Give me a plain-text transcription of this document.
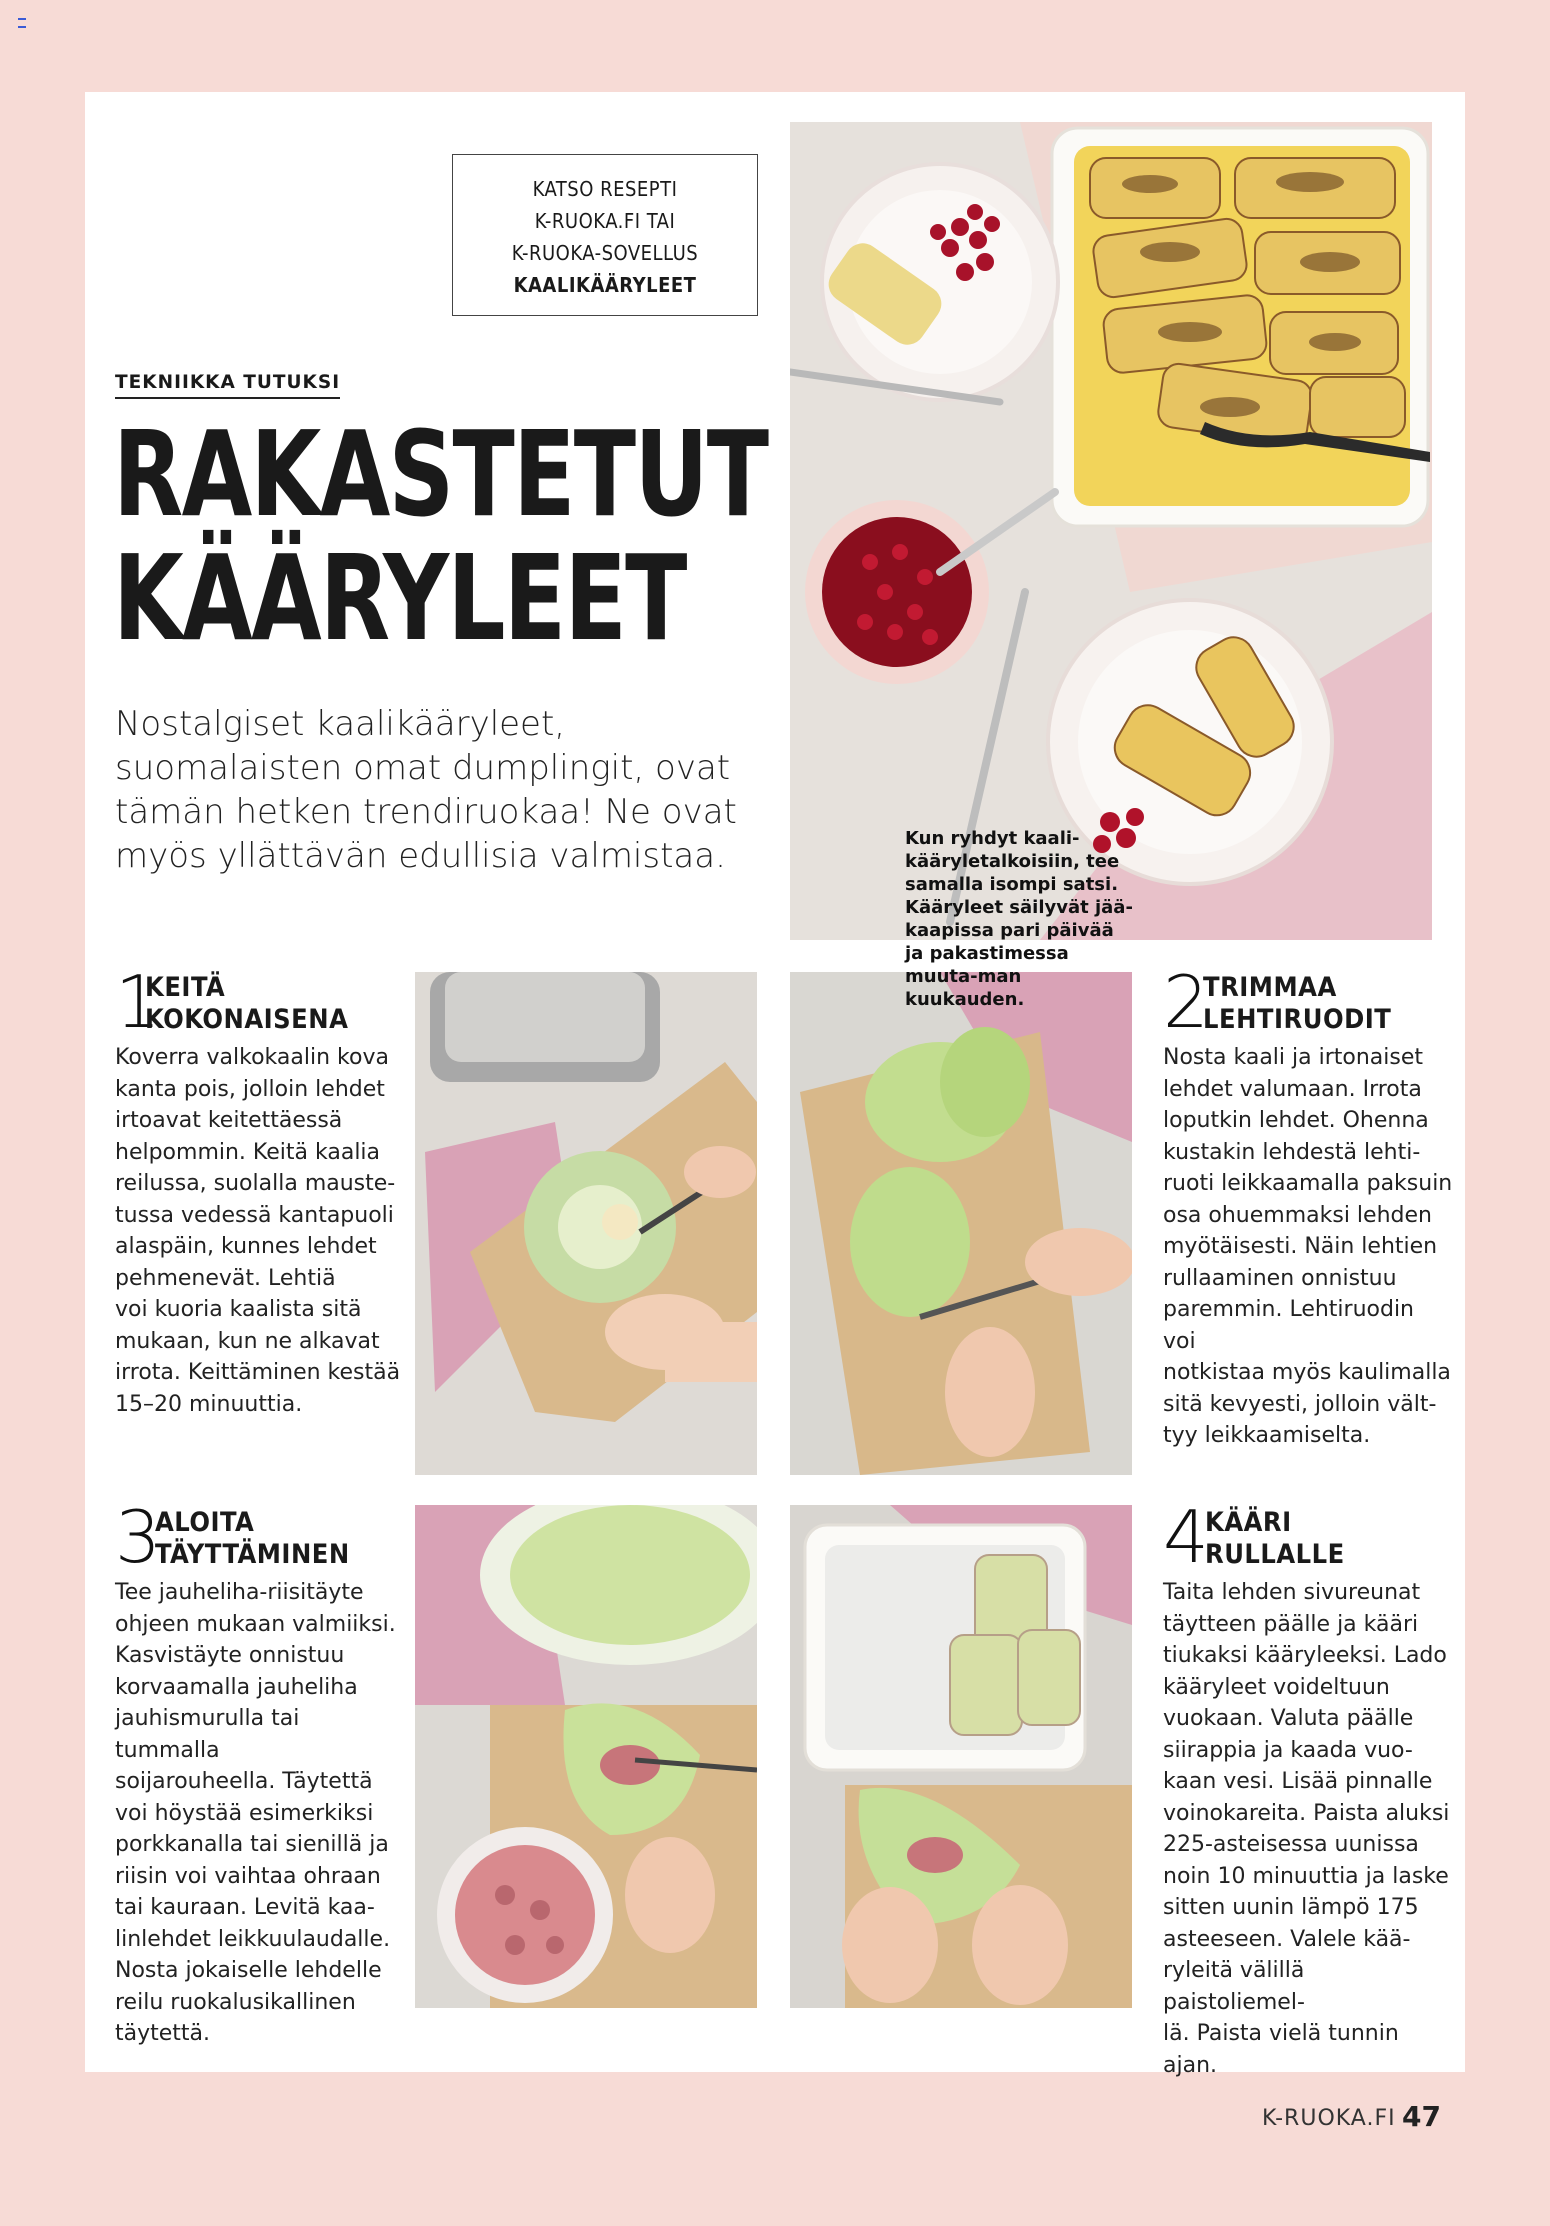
KATSO RESEPTI
K-RUOKA.FI TAI
K-RUOKA-SOVELLUS
KAALIKÄÄRYLEET
TEKNIIKKA TUTUKSI
RAKASTETUT
KÄÄRYLEET
Nostalgiset kaalikääryleet, suomalaisten omat dumplingit, ovat tämän hetken trendiruokaa! Ne ovat myös yllättävän edullisia valmistaa.	Kun ryhdyt kaali-
kääryletalkoisiin, tee samalla isompi satsi. Kääryleet säilyvät jää-kaapissa pari päivää ja pakastimessa muuta-man kuukauden.
1
KEITÄ
KOKONAISENA
Koverra valkokaalin kova
kanta pois, jolloin lehdet
irtoavat keitettäessä
helpommin. Keitä kaalia
reilussa, suolalla mauste-
tussa vedessä kantapuoli
alaspäin, kunnes lehdet
pehmenevät. Lehtiä
voi kuoria kaalista sitä
mukaan, kun ne alkavat
irrota. Keittäminen kestää
15–20 minuuttia.
2
TRIMMAA
LEHTIRUODIT
Nosta kaali ja irtonaiset
lehdet valumaan. Irrota
loputkin lehdet. Ohenna
kustakin lehdestä lehti-
ruoti leikkaamalla paksuin
osa ohuemmaksi lehden
myötäisesti. Näin lehtien
rullaaminen onnistuu
paremmin. Lehtiruodin voi
notkistaa myös kaulimalla
sitä kevyesti, jolloin vält-
tyy leikkaamiselta.
3
ALOITA
TÄYTTÄMINEN
Tee jauheliha-riisitäyte
ohjeen mukaan valmiiksi.
Kasvistäyte onnistuu
korvaamalla jauheliha
jauhismurulla tai tummalla
soijarouheella. Täytettä
voi höystää esimerkiksi
porkkanalla tai sienillä ja
riisin voi vaihtaa ohraan
tai kauraan. Levitä kaa-
linlehdet leikkuulaudalle.
Nosta jokaiselle lehdelle
reilu ruokalusikallinen
täytettä.
4
KÄÄRI
RULLALLE
Taita lehden sivureunat
täytteen päälle ja kääri
tiukaksi kääryleeksi. Lado
kääryleet voideltuun
vuokaan. Valuta päälle
siirappia ja kaada vuo-
kaan vesi. Lisää pinnalle
voinokareita. Paista aluksi
225-asteisessa uunissa
noin 10 minuuttia ja laske
sitten uunin lämpö 175
asteeseen. Valele kää-
ryleitä välillä paistoliemel-
lä. Paista vielä tunnin ajan.
K-RUOKA.FI 47
